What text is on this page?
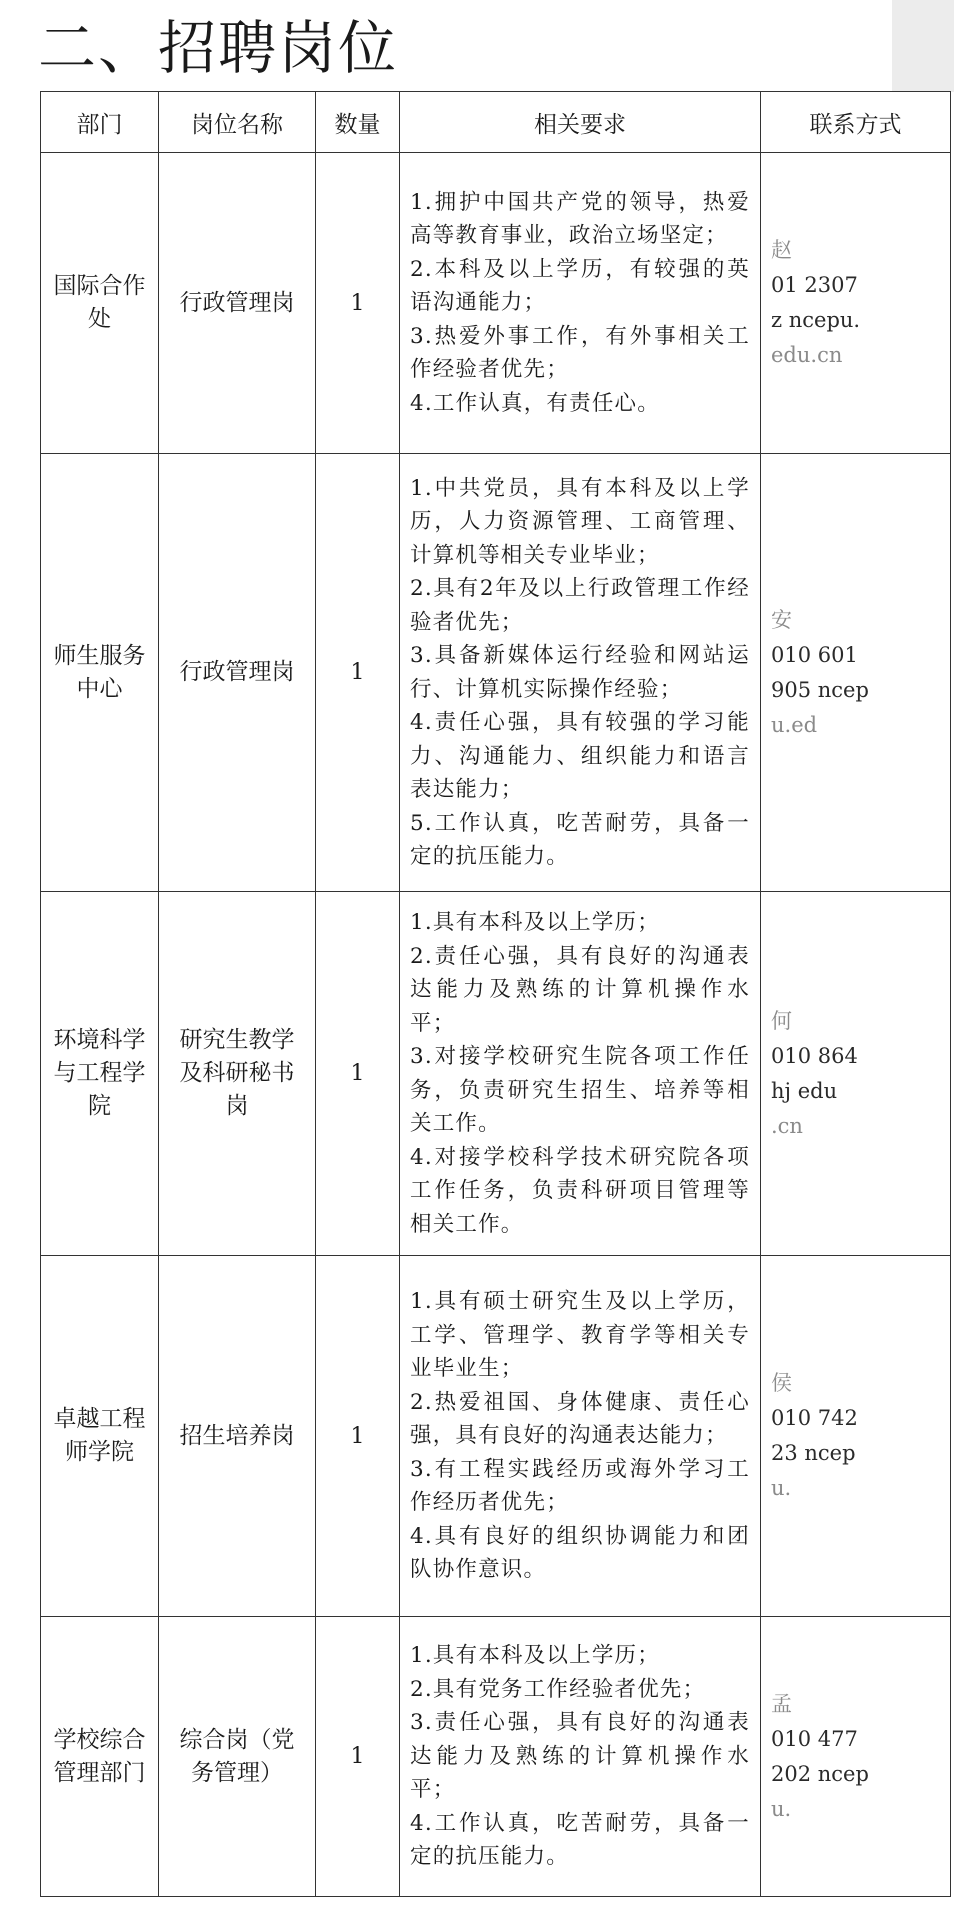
二、招聘岗位
部门	岗位名称	数量	相关要求	联系方式
国际合作处	行政管理岗	1	1.拥护中国共产党的领导，热爱高等教育事业，政治立场坚定；
2.本科及以上学历，有较强的英语沟通能力；
3.热爱外事工作，有外事相关工作经验者优先；
4.工作认真，有责任心。	赵
01 2307
z ncepu.
edu.cn

师生服务中心	行政管理岗	1	1.中共党员，具有本科及以上学历，人力资源管理、工商管理、计算机等相关专业毕业；
2.具有2年及以上行政管理工作经验者优先；
3.具备新媒体运行经验和网站运行、计算机实际操作经验；
4.责任心强，具有较强的学习能力、沟通能力、组织能力和语言表达能力；
5.工作认真，吃苦耐劳，具备一定的抗压能力。	安
010 601
905 ncep
u.ed

环境科学与工程学院	研究生教学及科研秘书岗	1	1.具有本科及以上学历；
2.责任心强，具有良好的沟通表达能力及熟练的计算机操作水平；
3.对接学校研究生院各项工作任务，负责研究生招生、培养等相关工作。
4.对接学校科学技术研究院各项工作任务，负责科研项目管理等相关工作。	何
010 864
hj edu
.cn

卓越工程师学院	招生培养岗	1	1.具有硕士研究生及以上学历，工学、管理学、教育学等相关专业毕业生；
2.热爱祖国、身体健康、责任心强，具有良好的沟通表达能力；
3.有工程实践经历或海外学习工作经历者优先；
4.具有良好的组织协调能力和团队协作意识。	侯
010 742
23 ncep
u.

学校综合管理部门	综合岗（党务管理）	1	1.具有本科及以上学历；
2.具有党务工作经验者优先；
3.责任心强，具有良好的沟通表达能力及熟练的计算机操作水平；
4.工作认真，吃苦耐劳，具备一定的抗压能力。	孟
010 477
202 ncep
u.
